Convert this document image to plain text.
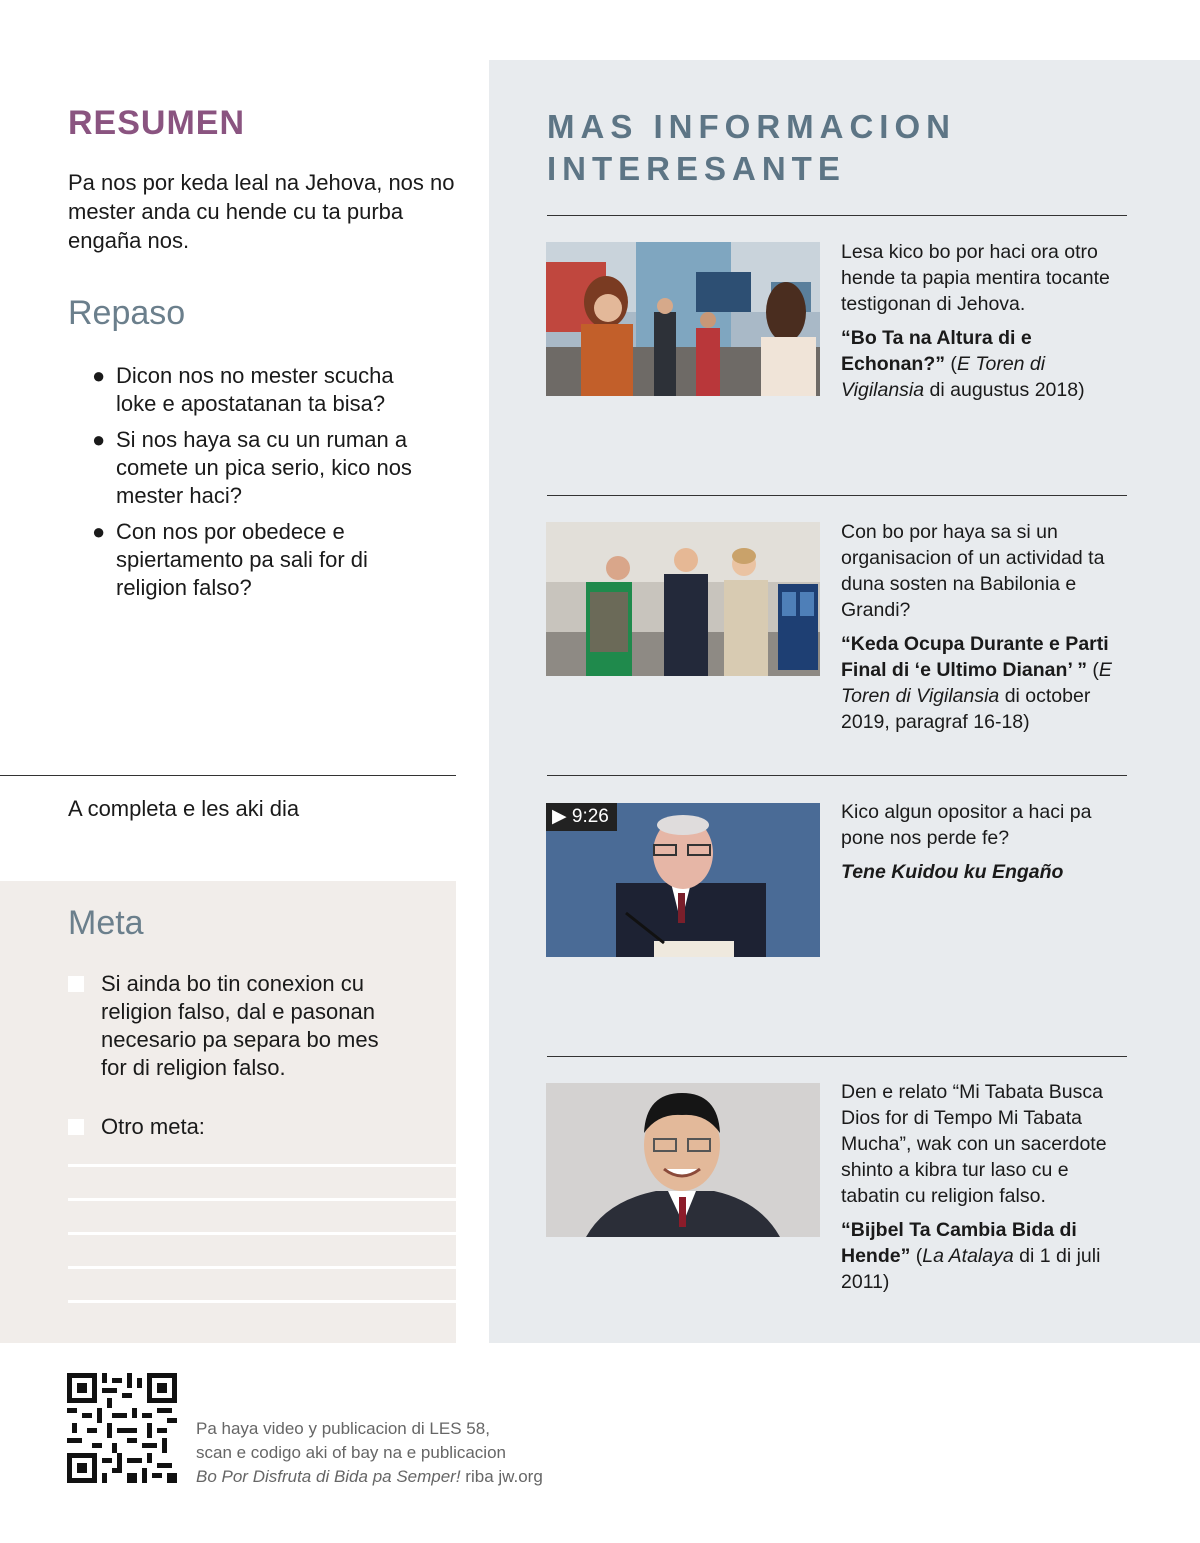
RESUMEN

Pa nos por keda leal na Jehova, nos no mester anda cu hende cu ta purba engaña nos.

Repaso
● Dicon nos no mester scucha loke e apostatanan ta bisa?
● Si nos haya sa cu un ruman a comete un pica serio, kico nos mester haci?
● Con nos por obedece e spiertamento pa sali for di religion falso?
A completa e les aki dia
Meta
Si ainda bo tin conexion cu religion falso, dal e pasonan necesario pa separa bo mes for di religion falso.
Otro meta:
MAS INFORMACION INTERESANTE

Lesa kico bo por haci ora otro hende ta papia mentira tocante testigonan di Jehova.

“Bo Ta na Altura di e Echonan?” (E Toren di Vigilansia di augustus 2018)

Con bo por haya sa si un organisacion of un actividad ta duna sosten na Babilonia e Grandi?

“Keda Ocupa Durante e Parti Final di ‘e Ultimo Dianan’ ” (E Toren di Vigilansia di october 2019, paragraf 16-18)

▶ 9:26	Kico algun opositor a haci pa pone nos perde fe?

Tene Kuidou ku Engaño

Den e relato “Mi Tabata Busca Dios for di Tempo Mi Tabata Mucha”, wak con un sacerdote shinto a kibra tur laso cu e tabatin cu religion falso.

“Bijbel Ta Cambia Bida di Hende” (La Atalaya di 1 di juli 2011)

Pa haya video y publicacion di LES 58,
scan e codigo aki of bay na e publicacion
Bo Por Disfruta di Bida pa Semper! riba jw.org
